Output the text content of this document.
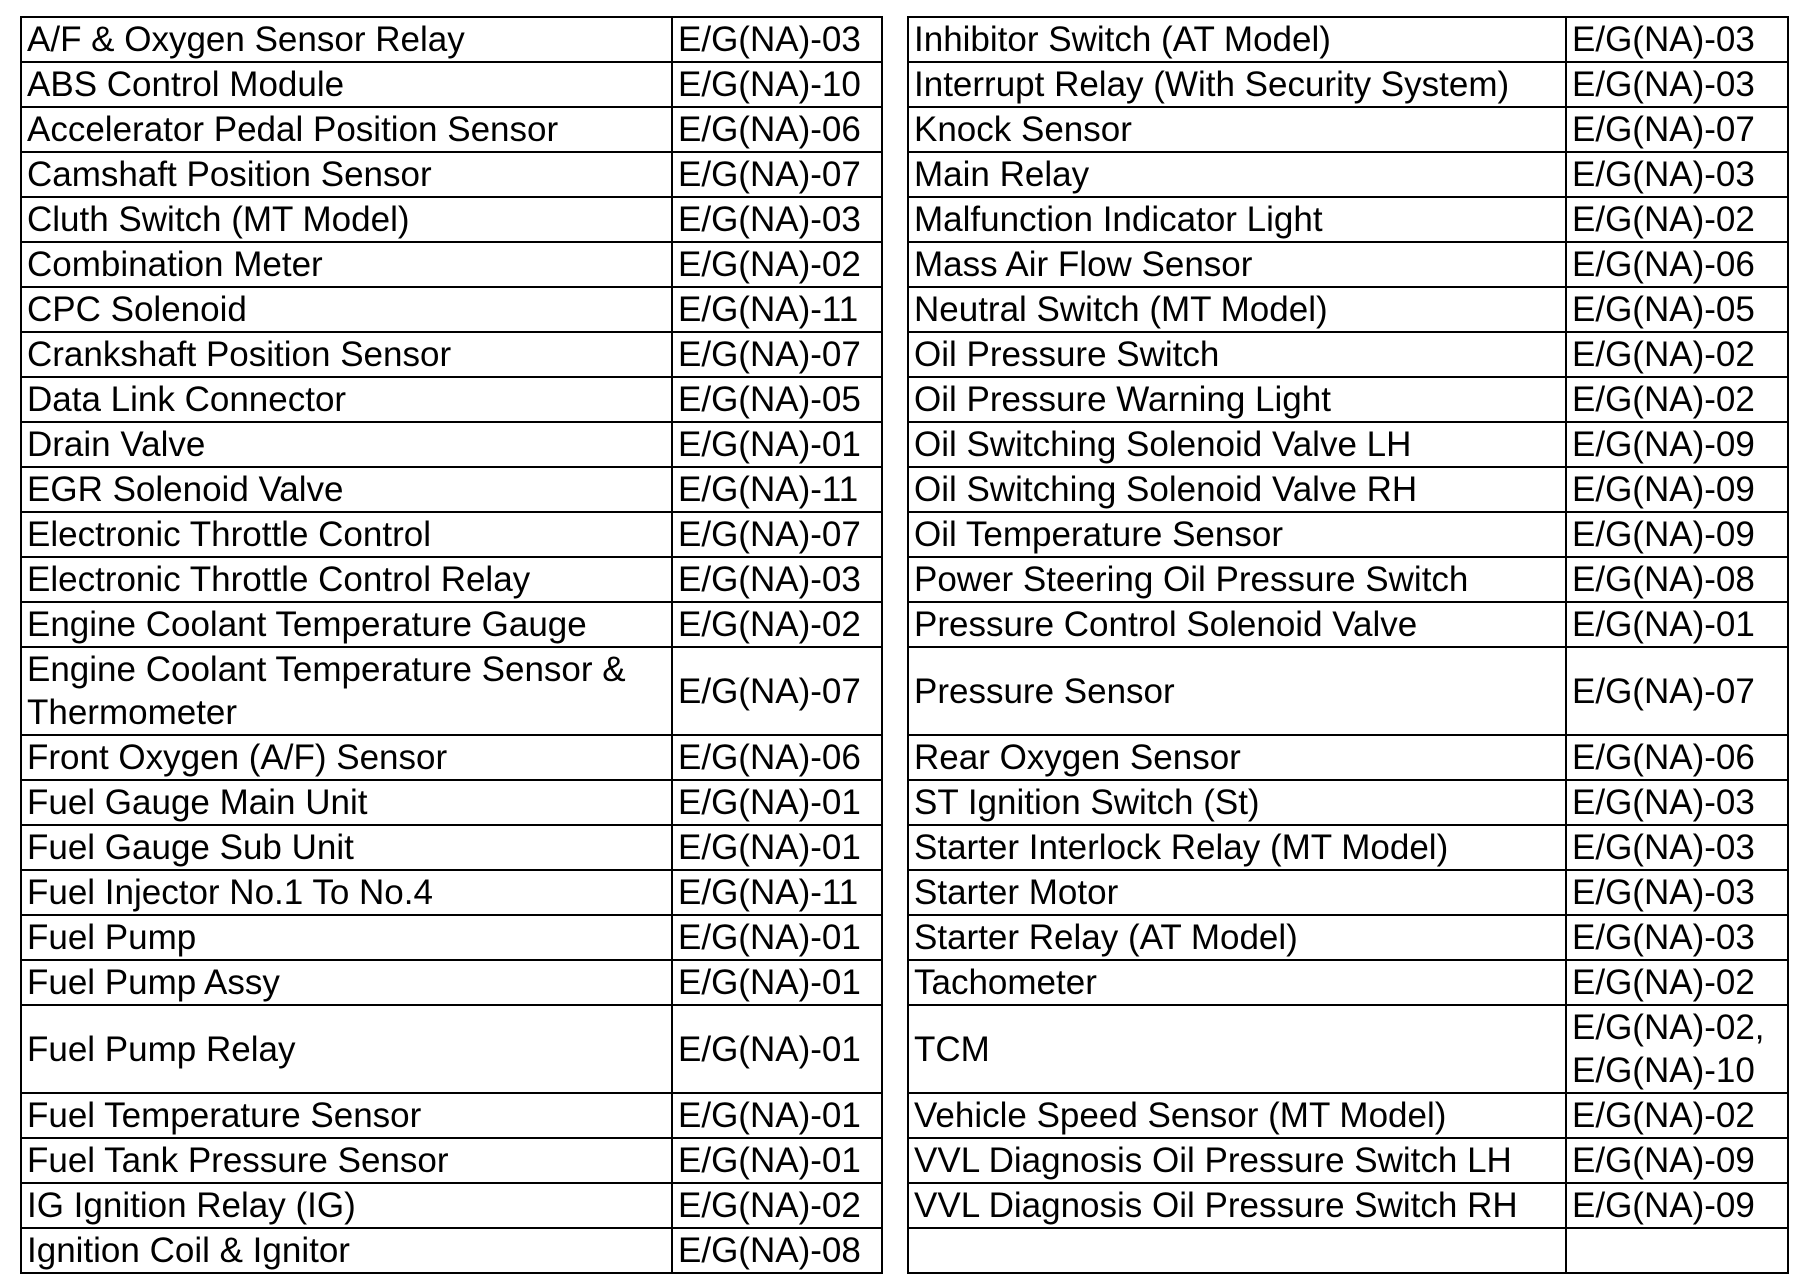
A/F & Oxygen Sensor Relay	E/G(NA)-03		Inhibitor Switch (AT Model)	E/G(NA)-03
ABS Control Module	E/G(NA)-10		Interrupt Relay (With Security System)	E/G(NA)-03
Accelerator Pedal Position Sensor	E/G(NA)-06		Knock Sensor	E/G(NA)-07
Camshaft Position Sensor	E/G(NA)-07		Main Relay	E/G(NA)-03
Cluth Switch (MT Model)	E/G(NA)-03		Malfunction Indicator Light	E/G(NA)-02
Combination Meter	E/G(NA)-02		Mass Air Flow Sensor	E/G(NA)-06
CPC Solenoid	E/G(NA)-11		Neutral Switch (MT Model)	E/G(NA)-05
Crankshaft Position Sensor	E/G(NA)-07		Oil Pressure Switch	E/G(NA)-02
Data Link Connector	E/G(NA)-05		Oil Pressure Warning Light	E/G(NA)-02
Drain Valve	E/G(NA)-01		Oil Switching Solenoid Valve LH	E/G(NA)-09
EGR Solenoid Valve	E/G(NA)-11		Oil Switching Solenoid Valve RH	E/G(NA)-09
Electronic Throttle Control	E/G(NA)-07		Oil Temperature Sensor	E/G(NA)-09
Electronic Throttle Control Relay	E/G(NA)-03		Power Steering Oil Pressure Switch	E/G(NA)-08
Engine Coolant Temperature Gauge	E/G(NA)-02		Pressure Control Solenoid Valve	E/G(NA)-01
Engine Coolant Temperature Sensor & Thermometer	E/G(NA)-07		Pressure Sensor	E/G(NA)-07
Front Oxygen (A/F) Sensor	E/G(NA)-06		Rear Oxygen Sensor	E/G(NA)-06
Fuel Gauge Main Unit	E/G(NA)-01		ST Ignition Switch (St)	E/G(NA)-03
Fuel Gauge Sub Unit	E/G(NA)-01		Starter Interlock Relay (MT Model)	E/G(NA)-03
Fuel Injector No.1 To No.4	E/G(NA)-11		Starter Motor	E/G(NA)-03
Fuel Pump	E/G(NA)-01		Starter Relay (AT Model)	E/G(NA)-03
Fuel Pump Assy	E/G(NA)-01		Tachometer	E/G(NA)-02
Fuel Pump Relay	E/G(NA)-01		TCM	E/G(NA)-02,
E/G(NA)-10

Fuel Temperature Sensor	E/G(NA)-01		Vehicle Speed Sensor (MT Model)	E/G(NA)-02
Fuel Tank Pressure Sensor	E/G(NA)-01		VVL Diagnosis Oil Pressure Switch LH	E/G(NA)-09
IG Ignition Relay (IG)	E/G(NA)-02		VVL Diagnosis Oil Pressure Switch RH	E/G(NA)-09
Ignition Coil & Ignitor	E/G(NA)-08			
